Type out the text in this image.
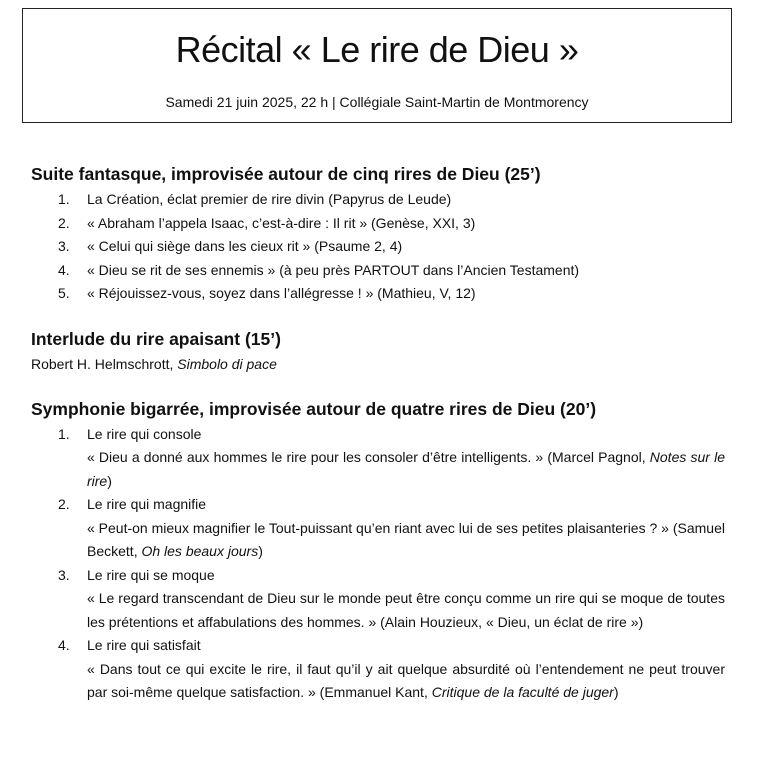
Récital « Le rire de Dieu »
Samedi 21 juin 2025, 22 h | Collégiale Saint-Martin de Montmorency
Suite fantasque, improvisée autour de cinq rires de Dieu (25’)
1. La Création, éclat premier de rire divin (Papyrus de Leude)
2. « Abraham l’appela Isaac, c’est-à-dire : Il rit » (Genèse, XXI, 3)
3. « Celui qui siège dans les cieux rit » (Psaume 2, 4)
4. « Dieu se rit de ses ennemis » (à peu près PARTOUT dans l’Ancien Testament)
5. « Réjouissez-vous, soyez dans l’allégresse ! » (Mathieu, V, 12)
Interlude du rire apaisant (15’)
Robert H. Helmschrott, Simbolo di pace
Symphonie bigarrée, improvisée autour de quatre rires de Dieu (20’)
1. Le rire qui console
« Dieu a donné aux hommes le rire pour les consoler d’être intelligents. » (Marcel Pagnol, Notes sur le rire)
2. Le rire qui magnifie
« Peut-on mieux magnifier le Tout-puissant qu’en riant avec lui de ses petites plaisanteries ? » (Samuel Beckett, Oh les beaux jours)
3. Le rire qui se moque
« Le regard transcendant de Dieu sur le monde peut être conçu comme un rire qui se moque de toutes les prétentions et affabulations des hommes. » (Alain Houzieux, « Dieu, un éclat de rire »)
4. Le rire qui satisfait
« Dans tout ce qui excite le rire, il faut qu’il y ait quelque absurdité où l’entendement ne peut trouver par soi-même quelque satisfaction. » (Emmanuel Kant, Critique de la faculté de juger)
